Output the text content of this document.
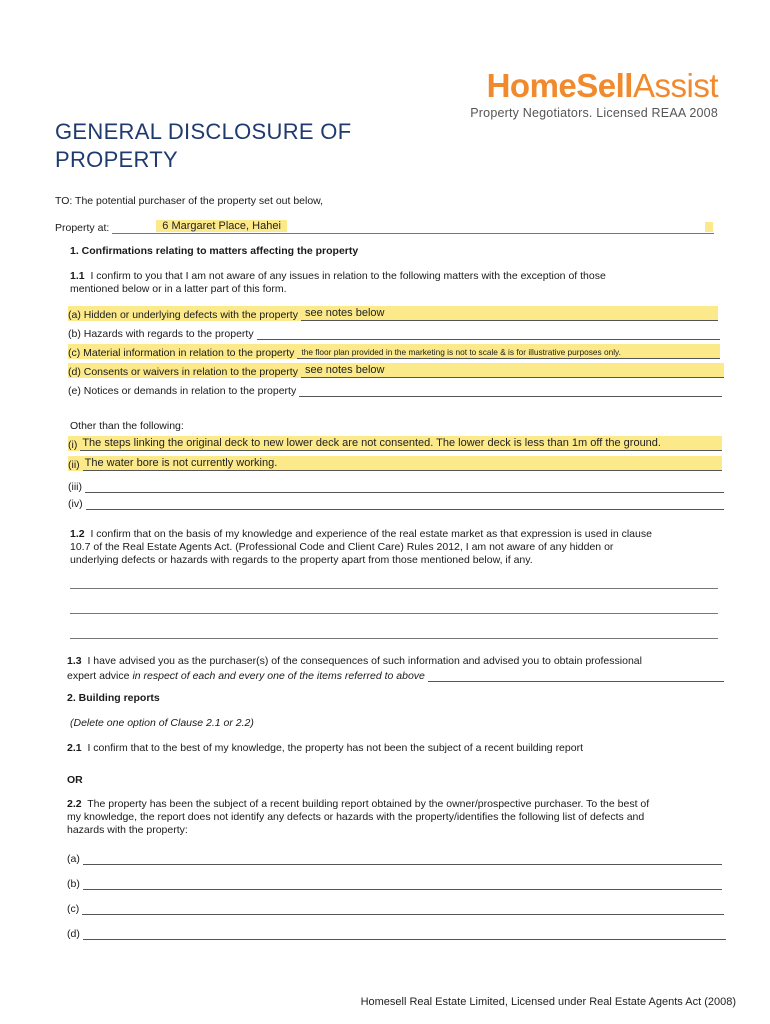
HomeSellAssist
Property Negotiators. Licensed REAA 2008
GENERAL DISCLOSURE OF
PROPERTY
TO: The potential purchaser of the property set out below,
Property at:	6 Margaret Place, Hahei
1. Confirmations relating to matters affecting the property
1.1 I confirm to you that I am not aware of any issues in relation to the following matters with the exception of those
mentioned below or in a latter part of this form.
(a) Hidden or underlying defects with the property see notes below
(b) Hazards with regards to the property
(c) Material information in relation to the property the floor plan provided in the marketing is not to scale & is for illustrative purposes only.
(d) Consents or waivers in relation to the property see notes below
(e) Notices or demands in relation to the property
Other than the following:
(i) The steps linking the original deck to new lower deck are not consented. The lower deck is less than 1m off the ground.
(ii) The water bore is not currently working.
(iii)
(iv)
1.2 I confirm that on the basis of my knowledge and experience of the real estate market as that expression is used in clause
10.7 of the Real Estate Agents Act. (Professional Code and Client Care) Rules 2012, I am not aware of any hidden or
underlying defects or hazards with regards to the property apart from those mentioned below, if any.
1.3 I have advised you as the purchaser(s) of the consequences of such information and advised you to obtain professional
expert advice in respect of each and every one of the items referred to above
2. Building reports
(Delete one option of Clause 2.1 or 2.2)
2.1 I confirm that to the best of my knowledge, the property has not been the subject of a recent building report
OR
2.2 The property has been the subject of a recent building report obtained by the owner/prospective purchaser. To the best of
my knowledge, the report does not identify any defects or hazards with the property/identifies the following list of defects and
hazards with the property:
(a)
(b)
(c)
(d)
Homesell Real Estate Limited, Licensed under Real Estate Agents Act (2008)
